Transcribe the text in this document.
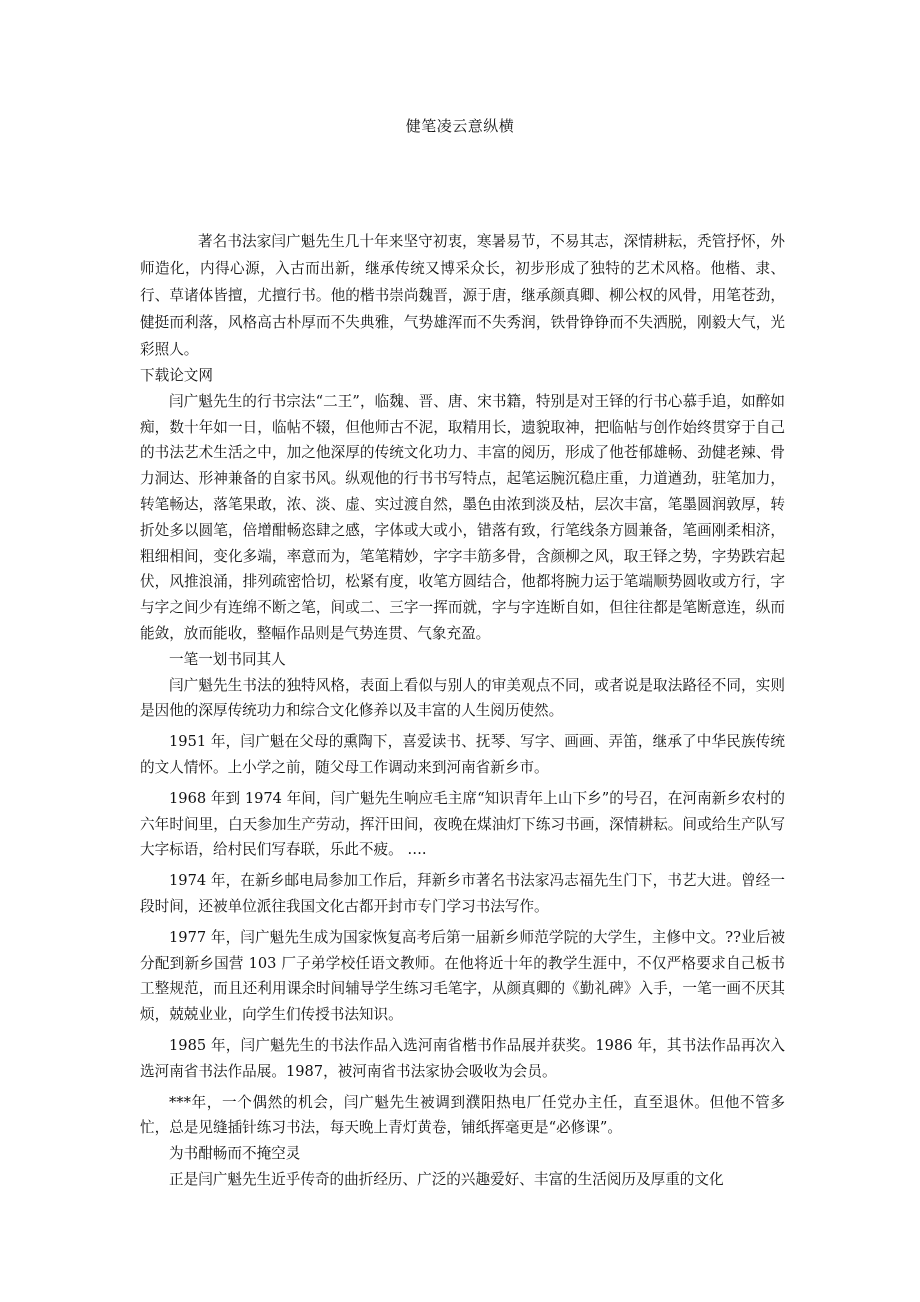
健笔凌云意纵横

著名书法家闫广魁先生几十年来坚守初衷，寒暑易节，不易其志，深情耕耘，秃管抒怀，外师造化，内得心源，入古而出新，继承传统又博采众长，初步形成了独特的艺术风格。他楷、隶、行、草诸体皆擅，尤擅行书。他的楷书崇尚魏晋，源于唐，继承颜真卿、柳公权的风骨，用笔苍劲，健挺而利落，风格高古朴厚而不失典雅，气势雄浑而不失秀润，铁骨铮铮而不失洒脱，刚毅大气，光彩照人。

下载论文网

闫广魁先生的行书宗法“二王”，临魏、晋、唐、宋书籍，特别是对王铎的行书心慕手追，如醉如痴，数十年如一日，临帖不辍，但他师古不泥，取精用长，遗貌取神，把临帖与创作始终贯穿于自己的书法艺术生活之中，加之他深厚的传统文化功力、丰富的阅历，形成了他苍郁雄畅、劲健老辣、骨力洞达、形神兼备的自家书风。纵观他的行书书写特点，起笔运腕沉稳庄重，力道遒劲，驻笔加力，转笔畅达，落笔果敢，浓、淡、虚、实过渡自然，墨色由浓到淡及枯，层次丰富，笔墨圆润敦厚，转折处多以圆笔，倍增酣畅恣肆之感，字体或大或小，错落有致，行笔线条方圆兼备，笔画刚柔相济，粗细相间，变化多端，率意而为，笔笔精妙，字字丰筋多骨，含颜柳之风，取王铎之势，字势跌宕起伏，风推浪涌，排列疏密恰切，松紧有度，收笔方圆结合，他都将腕力运于笔端顺势圆收或方行，字与字之间少有连绵不断之笔，间或二、三字一挥而就，字与字连断自如，但往往都是笔断意连，纵而能敛，放而能收，整幅作品则是气势连贯、气象充盈。

一笔一划书同其人

闫广魁先生书法的独特风格，表面上看似与别人的审美观点不同，或者说是取法路径不同，实则是因他的深厚传统功力和综合文化修养以及丰富的人生阅历使然。

1951 年，闫广魁在父母的熏陶下，喜爱读书、抚琴、写字、画画、弄笛，继承了中华民族传统的文人情怀。上小学之前，随父母工作调动来到河南省新乡市。

1968 年到 1974 年间，闫广魁先生响应毛主席“知识青年上山下乡”的号召，在河南新乡农村的六年时间里，白天参加生产劳动，挥汗田间，夜晚在煤油灯下练习书画，深情耕耘。间或给生产队写大字标语，给村民们写春联，乐此不疲。 ….

1974 年，在新乡邮电局参加工作后，拜新乡市著名书法家冯志福先生门下，书艺大进。曾经一段时间，还被单位派往我国文化古都开封市专门学习书法写作。

1977 年，闫广魁先生成为国家恢复高考后第一届新乡师范学院的大学生，主修中文。??业后被分配到新乡国营 103 厂子弟学校任语文教师。在他将近十年的教学生涯中，不仅严格要求自己板书工整规范，而且还利用课余时间辅导学生练习毛笔字，从颜真卿的《勤礼碑》入手，一笔一画不厌其烦，兢兢业业，向学生们传授书法知识。

1985 年，闫广魁先生的书法作品入选河南省楷书作品展并获奖。1986 年，其书法作品再次入选河南省书法作品展。1987，被河南省书法家协会吸收为会员。

***年，一个偶然的机会，闫广魁先生被调到濮阳热电厂任党办主任，直至退休。但他不管多忙，总是见缝插针练习书法，每天晚上青灯黄卷，铺纸挥毫更是“必修课”。

为书酣畅而不掩空灵

正是闫广魁先生近乎传奇的曲折经历、广泛的兴趣爱好、丰富的生活阅历及厚重的文化
